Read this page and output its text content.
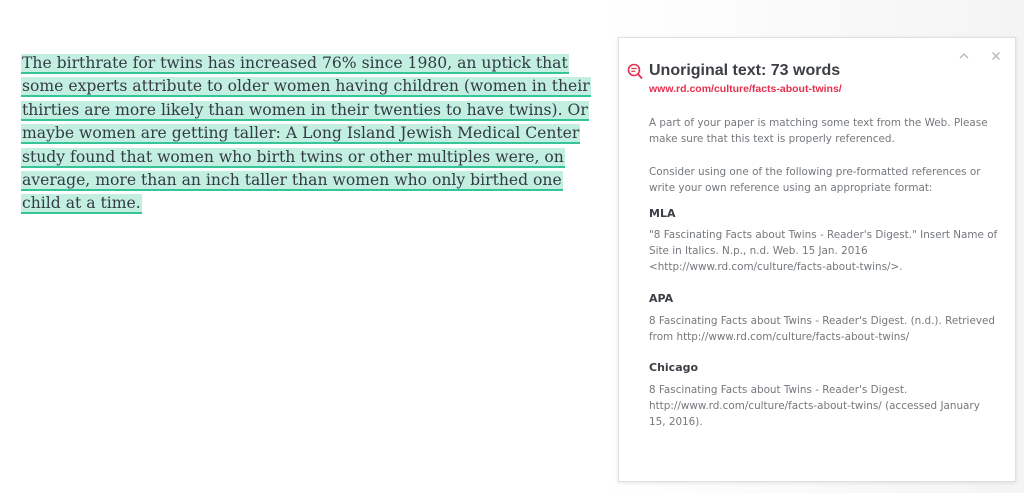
The birthrate for twins has increased 76% since 1980, an uptick that
some experts attribute to older women having children (women in their
thirties are more likely than women in their twenties to have twins). Or
maybe women are getting taller: A Long Island Jewish Medical Center
study found that women who birth twins or other multiples were, on
average, more than an inch taller than women who only birthed one
child at a time.
Unoriginal text: 73 words
www.rd.com/culture/facts-about-twins/
A part of your paper is matching some text from the Web. Please
make sure that this text is properly referenced.
Consider using one of the following pre-formatted references or
write your own reference using an appropriate format:
MLA
"8 Fascinating Facts about Twins - Reader's Digest." Insert Name of
Site in Italics. N.p., n.d. Web. 15 Jan. 2016
<http://www.rd.com/culture/facts-about-twins/>.
APA
8 Fascinating Facts about Twins - Reader's Digest. (n.d.). Retrieved
from http://www.rd.com/culture/facts-about-twins/
Chicago
8 Fascinating Facts about Twins - Reader's Digest.
http://www.rd.com/culture/facts-about-twins/ (accessed January
15, 2016).
